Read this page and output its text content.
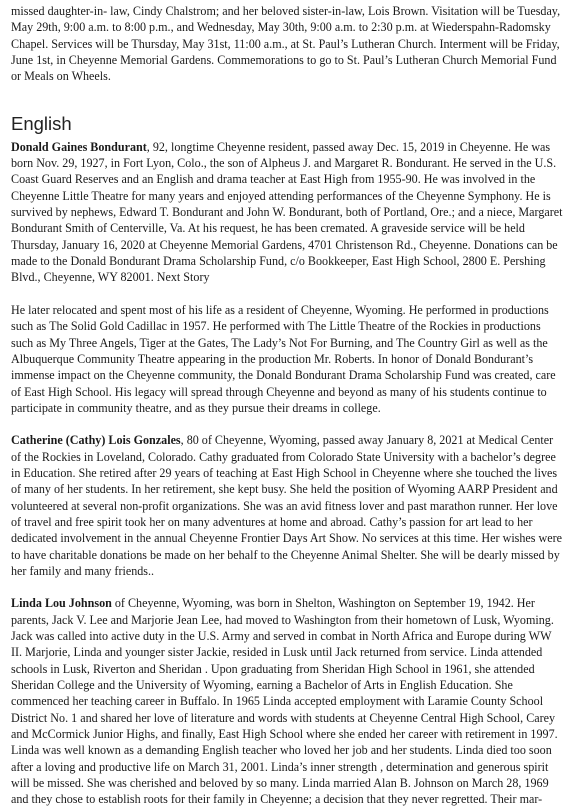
missed daughter-in- law, Cindy Chalstrom; and her beloved sister-in-law, Lois Brown. Visitation will be Tuesday, May 29th, 9:00 a.m. to 8:00 p.m., and Wednesday, May 30th, 9:00 a.m. to 2:30 p.m. at Wiederspahn-Radomsky Chapel. Services will be Thursday, May 31st, 11:00 a.m., at St. Paul’s Lutheran Church. Interment will be Friday, June 1st, in Cheyenne Memorial Gardens. Commemorations to go to St. Paul’s Lutheran Church Memorial Fund or Meals on Wheels.

English

Donald Gaines Bondurant, 92, longtime Cheyenne resident, passed away Dec. 15, 2019 in Cheyenne. He was born Nov. 29, 1927, in Fort Lyon, Colo., the son of Alpheus J. and Margaret R. Bondurant. He served in the U.S. Coast Guard Reserves and an English and drama teacher at East High from 1955-90. He was involved in the Cheyenne Little Theatre for many years and enjoyed attending performances of the Cheyenne Symphony. He is survived by nephews, Edward T. Bondurant and John W. Bondurant, both of Portland, Ore.; and a niece, Margaret Bondurant Smith of Centerville, Va. At his request, he has been cremated. A graveside service will be held Thursday, January 16, 2020 at Cheyenne Memorial Gardens, 4701 Christenson Rd., Cheyenne. Donations can be made to the Donald Bondurant Drama Scholarship Fund, c/o Bookkeeper, East High School, 2800 E. Pershing Blvd., Cheyenne, WY 82001. Next Story

He later relocated and spent most of his life as a resident of Cheyenne, Wyoming. He performed in productions such as The Solid Gold Cadillac in 1957. He performed with The Little Theatre of the Rockies in productions such as My Three Angels, Tiger at the Gates, The Lady’s Not For Burning, and The Country Girl as well as the Albuquerque Community Theatre appearing in the production Mr. Roberts. In honor of Donald Bondurant’s immense impact on the Cheyenne community, the Donald Bondurant Drama Scholarship Fund was created, care of East High School. His legacy will spread through Cheyenne and beyond as many of his students continue to participate in community theatre, and as they pursue their dreams in college.

Catherine (Cathy) Lois Gonzales, 80 of Cheyenne, Wyoming, passed away January 8, 2021 at Medical Center of the Rockies in Loveland, Colorado. Cathy graduated from Colorado State University with a bachelor’s degree in Education. She retired after 29 years of teaching at East High School in Cheyenne where she touched the lives of many of her students. In her retirement, she kept busy. She held the position of Wyoming AARP President and volunteered at several non-profit organizations. She was an avid fitness lover and past marathon runner. Her love of travel and free spirit took her on many adventures at home and abroad. Cathy’s passion for art lead to her dedicated involvement in the annual Cheyenne Frontier Days Art Show. No services at this time. Her wishes were to have charitable donations be made on her behalf to the Cheyenne Animal Shelter. She will be dearly missed by her family and many friends..

Linda Lou Johnson of Cheyenne, Wyoming, was born in Shelton, Washington on September 19, 1942. Her parents, Jack V. Lee and Marjorie Jean Lee, had moved to Washington from their hometown of Lusk, Wyoming. Jack was called into active duty in the U.S. Army and served in combat in North Africa and Europe during WW II. Marjorie, Linda and younger sister Jackie, resided in Lusk until Jack returned from service. Linda attended schools in Lusk, Riverton and Sheridan . Upon graduating from Sheridan High School in 1961, she attended Sheridan College and the University of Wyoming, earning a Bachelor of Arts in English Education. She commenced her teaching career in Buffalo. In 1965 Linda accepted employment with Laramie County School District No. 1 and shared her love of literature and words with students at Cheyenne Central High School, Carey and McCormick Junior Highs, and finally, East High School where she ended her career with retirement in 1997. Linda was well known as a demanding English teacher who loved her job and her students. Linda died too soon after a loving and productive life on March 31, 2001. Linda’s inner strength , determination and generous spirit will be missed. She was cherished and beloved by so many. Linda married Alan B. Johnson on March 28, 1969 and they chose to establish roots for their family in Cheyenne; a decision that they never regretted. Their mar-
